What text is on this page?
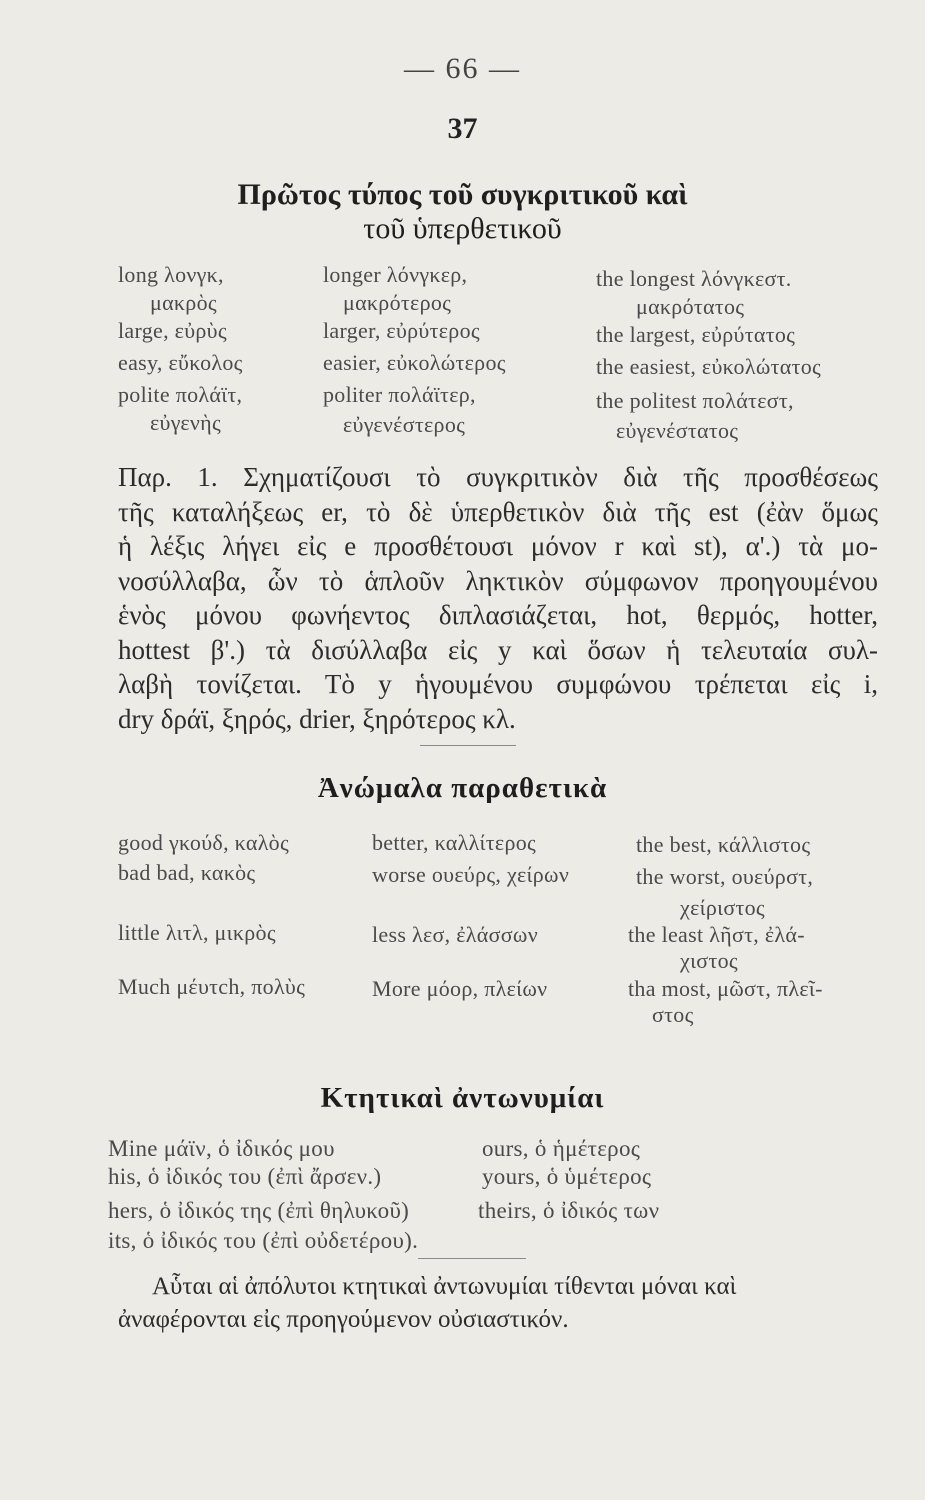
— 66 —
37
Πρῶτος τύπος τοῦ συγκριτικοῦ καὶ
τοῦ ὑπερθετικοῦ
long λονγκ,	longer λόνγκερ,	the longest λόνγκεστ.
μακρὸς	μακρότερος	μακρότατος
large, εὐρὺς	larger, εὐρύτερος	the largest, εὐρύτατος
easy, εὔκολος	easier, εὐκολώτερος	the easiest, εὐκολώτατος
polite πολάϊτ,	politer πολάϊτερ,	the politest πολάτεστ,
εὐγενὴς	εὐγενέστερος	εὐγενέστατος
Παρ. 1. Σχηματίζουσι τὸ συγκριτικὸν διὰ τῆς προσθέσεως
τῆς καταλήξεως er, τὸ δὲ ὑπερθετικὸν διὰ τῆς est (ἐὰν ὅμως
ἡ λέξις λήγει εἰς e προσθέτουσι μόνον r καὶ st), α'.) τὰ μο-
νοσύλλαβα, ὧν τὸ ἁπλοῦν ληκτικὸν σύμφωνον προηγουμένου
ἑνὸς μόνου φωνήεντος διπλασιάζεται, hot, θερμός, hotter,
hottest β'.) τὰ δισύλλαβα εἰς y καὶ ὅσων ἡ τελευταία συλ-
λαβὴ τονίζεται. Τὸ y ἡγουμένου συμφώνου τρέπεται εἰς i,
dry δράϊ, ξηρός, drier, ξηρότερος κλ.
Ἀνώμαλα παραθετικὰ
good γκούδ, καλὸς	better, καλλίτερος	the best, κάλλιστος
bad bad, κακὸς	worse ουεύρς, χείρων	the worst, ουεύρστ,
χείριστος
little λιτλ, μικρὸς	less λεσ, ἐλάσσων	the least λῆστ, ἐλά-
χιστος
Much μέυτch, πολὺς	More μόορ, πλείων	tha most, μῶστ, πλεῖ-
στος
Κτητικαὶ ἀντωνυμίαι
Mine μάϊν, ὁ ἰδικός μου	ours, ὁ ἡμέτερος
his, ὁ ἰδικός του (ἐπὶ ἄρσεν.)	yours, ὁ ὑμέτερος
hers, ὁ ἰδικός της (ἐπὶ θηλυκοῦ)	theirs, ὁ ἰδικός των
its, ὁ ἰδικός του (ἐπὶ οὐδετέρου).
Αὗται αἱ ἀπόλυτοι κτητικαὶ ἀντωνυμίαι τίθενται μόναι καὶ
ἀναφέρονται εἰς προηγούμενον οὐσιαστικόν.
